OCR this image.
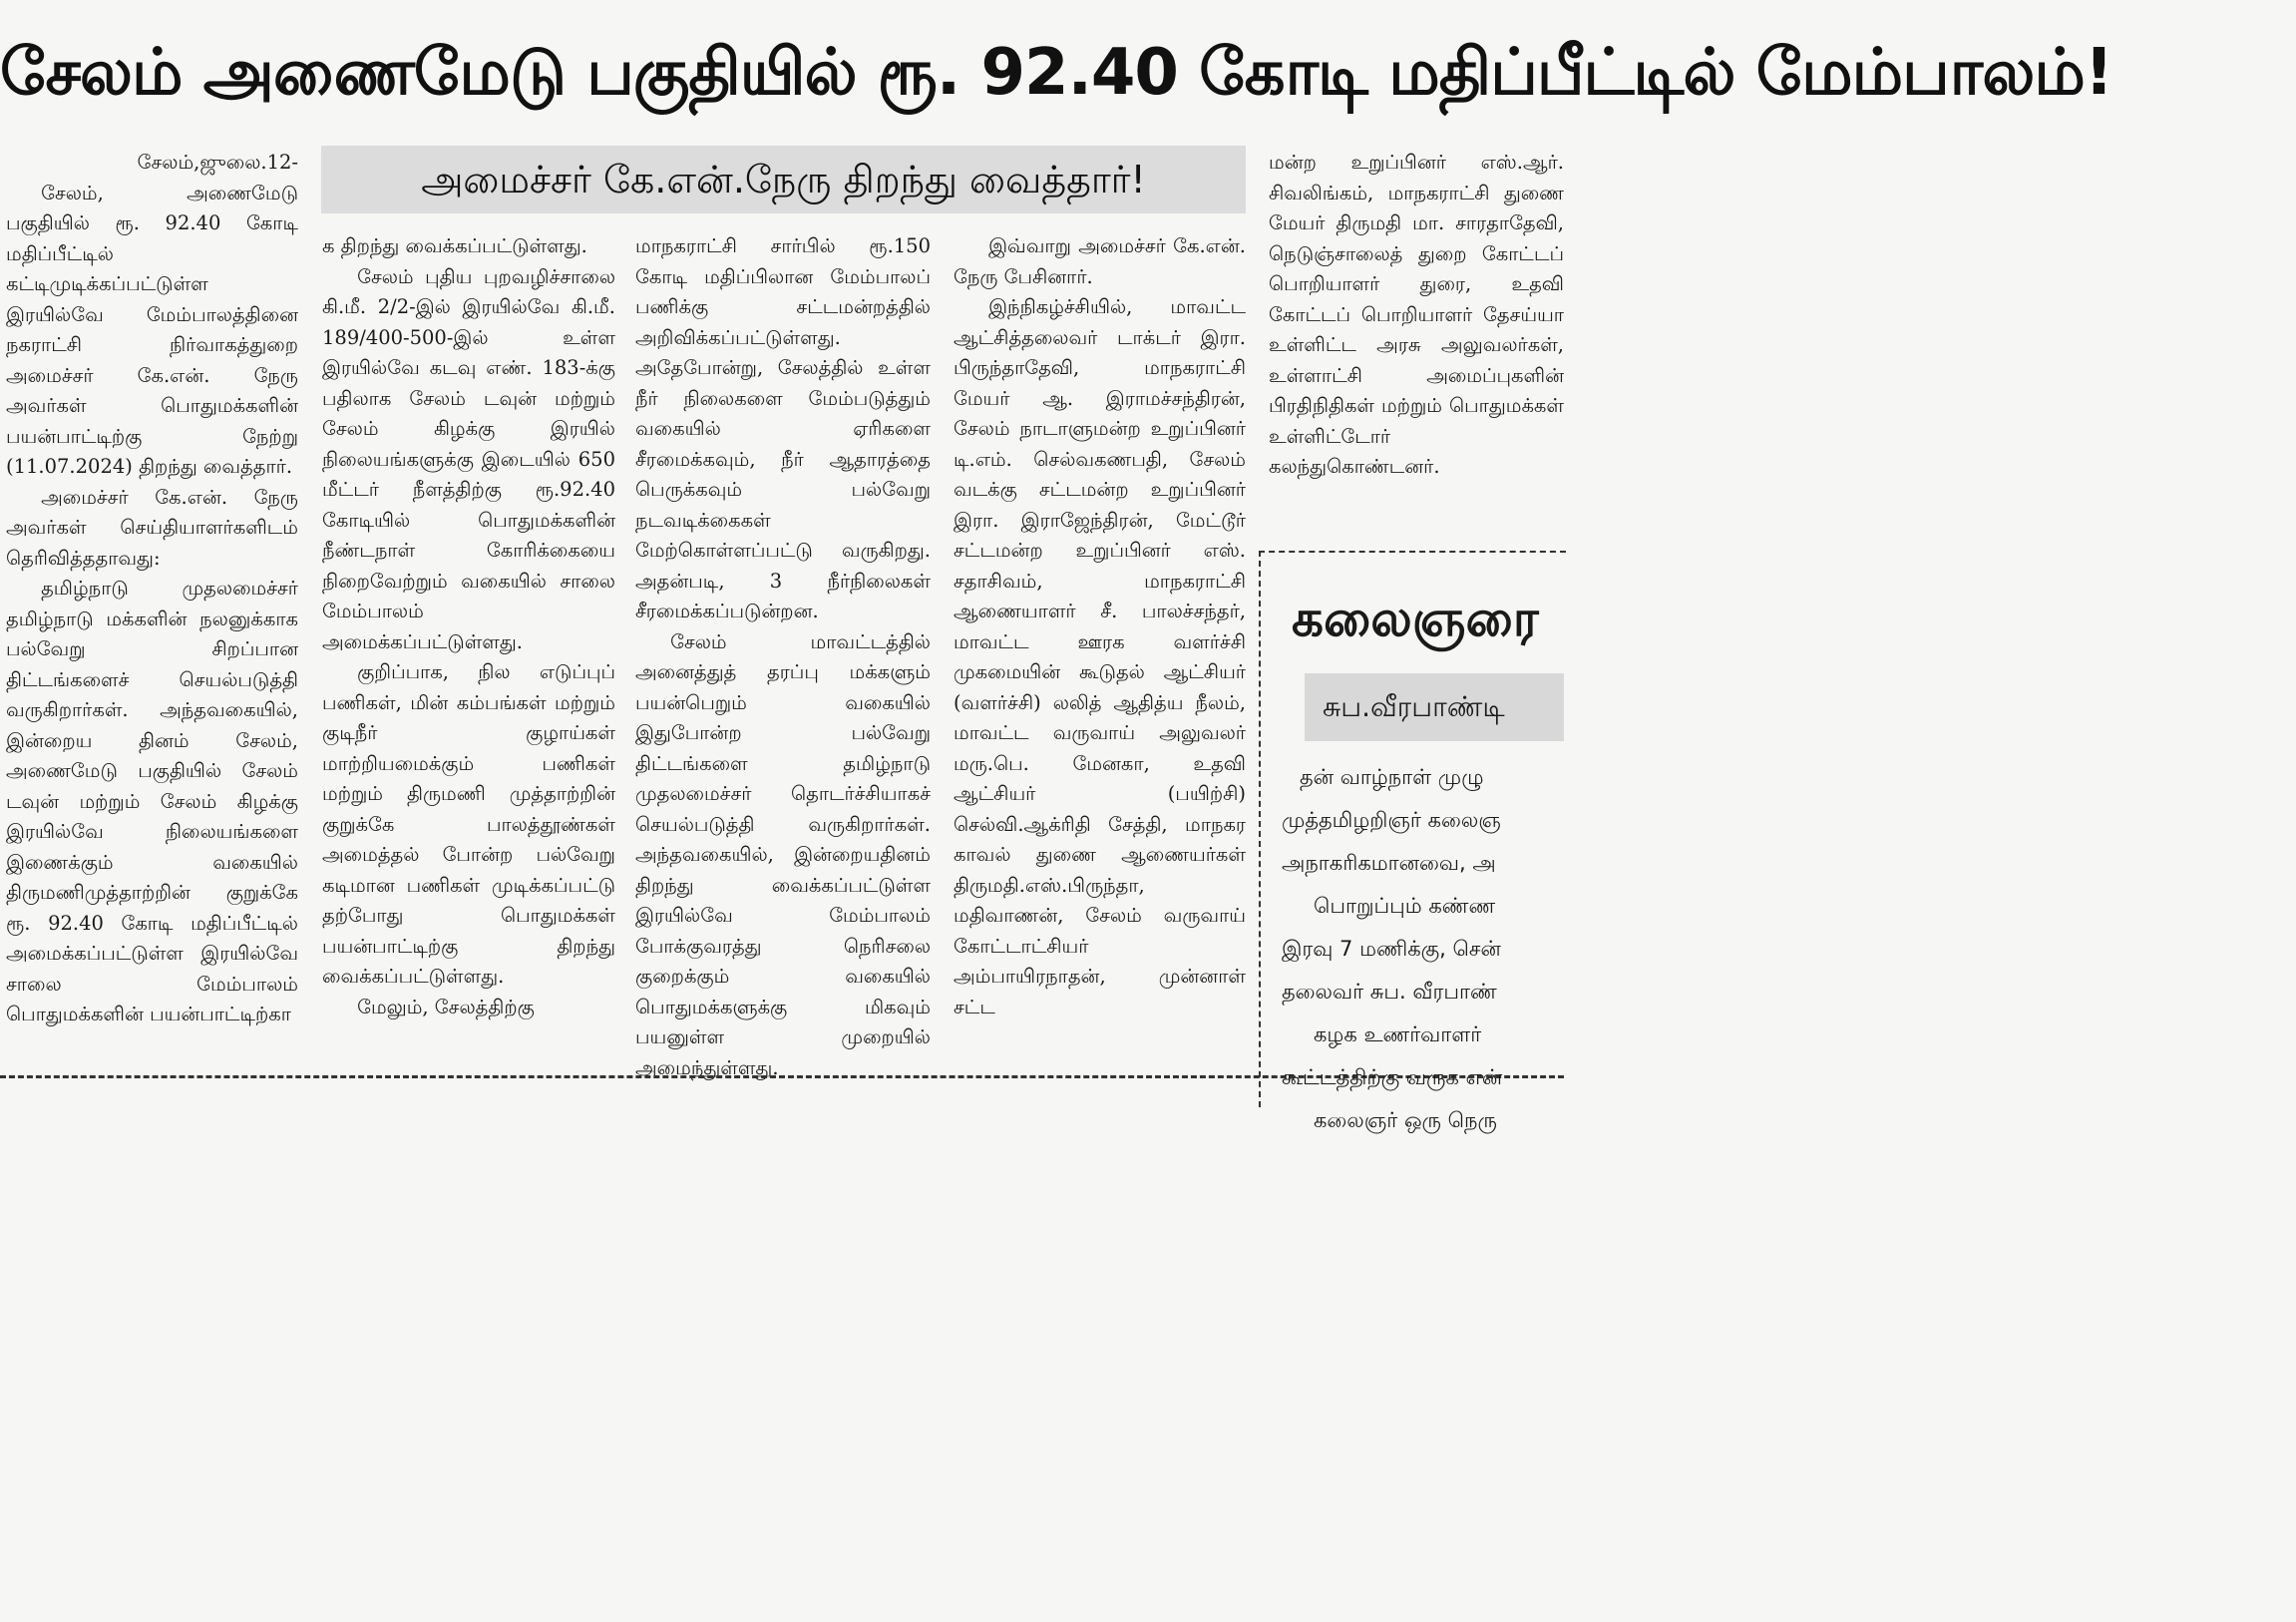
சேலம் அணைமேடு பகுதியில் ரூ. 92.40 கோடி மதிப்பீட்டில் மேம்பாலம்!
அமைச்சர் கே.என்.நேரு திறந்து வைத்தார்!

சேலம்,ஜுலை.12-

சேலம், அணைமேடு பகுதியில் ரூ. 92.40 கோடி மதிப்பீட்டில் கட்டிமுடிக்கப்பட்டுள்ள இரயில்வே மேம்பாலத்தினை நகராட்சி நிர்வாகத்துறை அமைச்சர் கே.என். நேரு அவர்கள் பொதுமக்களின் பயன்பாட்டிற்கு நேற்று (11.07.2024) திறந்து வைத்தார்.

அமைச்சர் கே.என். நேரு அவர்கள் செய்தியாளர்களிடம் தெரிவித்ததாவது:

தமிழ்நாடு முதலமைச்சர் தமிழ்நாடு மக்களின் நலனுக்காக பல்வேறு சிறப்பான திட்டங்களைச் செயல்படுத்தி வருகிறார்கள். அந்தவகையில், இன்றைய தினம் சேலம், அணைமேடு பகுதியில் சேலம் டவுன் மற்றும் சேலம் கிழக்கு இரயில்வே நிலையங்களை இணைக்கும் வகையில் திருமணிமுத்தாற்றின் குறுக்கே ரூ. 92.40 கோடி மதிப்பீட்டில் அமைக்கப்பட்டுள்ள இரயில்வே சாலை மேம்பாலம் பொதுமக்களின் பயன்பாட்டிற்கா

க திறந்து வைக்கப்பட்டுள்ளது.

சேலம் புதிய புறவழிச்சாலை கி.மீ. 2/2-இல் இரயில்வே கி.மீ. 189/400-500-இல் உள்ள இரயில்வே கடவு எண். 183-க்கு பதிலாக சேலம் டவுன் மற்றும் சேலம் கிழக்கு இரயில் நிலையங்களுக்கு இடையில் 650 மீட்டர் நீளத்திற்கு ரூ.92.40 கோடியில் பொதுமக்களின் நீண்டநாள் கோரிக்கையை நிறைவேற்றும் வகையில் சாலை மேம்பாலம் அமைக்கப்பட்டுள்ளது.

குறிப்பாக, நில எடுப்புப் பணிகள், மின் கம்பங்கள் மற்றும் குடிநீர் குழாய்கள் மாற்றியமைக்கும் பணிகள் மற்றும் திருமணி முத்தாற்றின் குறுக்கே பாலத்தூண்கள் அமைத்தல் போன்ற பல்வேறு கடிமான பணிகள் முடிக்கப்பட்டு தற்போது பொதுமக்கள் பயன்பாட்டிற்கு திறந்து வைக்கப்பட்டுள்ளது.

மேலும், சேலத்திற்கு

மாநகராட்சி சார்பில் ரூ.150 கோடி மதிப்பிலான மேம்பாலப் பணிக்கு சட்டமன்றத்தில் அறிவிக்கப்பட்டுள்ளது. அதேபோன்று, சேலத்தில் உள்ள நீர் நிலைகளை மேம்படுத்தும் வகையில் ஏரிகளை சீரமைக்கவும், நீர் ஆதாரத்தை பெருக்கவும் பல்வேறு நடவடிக்கைகள் மேற்கொள்ளப்பட்டு வருகிறது. அதன்படி, 3 நீர்நிலைகள் சீரமைக்கப்படுன்றன.

சேலம் மாவட்டத்தில் அனைத்துத் தரப்பு மக்களும் பயன்பெறும் வகையில் இதுபோன்ற பல்வேறு திட்டங்களை தமிழ்நாடு முதலமைச்சர் தொடர்ச்சியாகச் செயல்படுத்தி வருகிறார்கள். அந்தவகையில், இன்றையதினம் திறந்து வைக்கப்பட்டுள்ள இரயில்வே மேம்பாலம் போக்குவரத்து நெரிசலை குறைக்கும் வகையில் பொதுமக்களுக்கு மிகவும் பயனுள்ள முறையில் அமைந்துள்ளது.

இவ்வாறு அமைச்சர் கே.என். நேரு பேசினார்.

இந்நிகழ்ச்சியில், மாவட்ட ஆட்சித்தலைவர் டாக்டர் இரா. பிருந்தாதேவி, மாநகராட்சி மேயர் ஆ. இராமச்சந்திரன், சேலம் நாடாளுமன்ற உறுப்பினர் டி.எம். செல்வகணபதி, சேலம் வடக்கு சட்டமன்ற உறுப்பினர் இரா. இராஜேந்திரன், மேட்டூர் சட்டமன்ற உறுப்பினர் எஸ். சதாசிவம், மாநகராட்சி ஆணையாளர் சீ. பாலச்சந்தர், மாவட்ட ஊரக வளர்ச்சி முகமையின் கூடுதல் ஆட்சியர் (வளர்ச்சி) லலித் ஆதித்ய நீலம், மாவட்ட வருவாய் அலுவலர் மரு.பெ. மேனகா, உதவி ஆட்சியர் (பயிற்சி) செல்வி.ஆக்ரிதி சேத்தி, மாநகர காவல் துணை ஆணையர்கள் திருமதி.எஸ்.பிருந்தா, மதிவாணன், சேலம் வருவாய் கோட்டாட்சியர் அம்பாயிரநாதன், முன்னாள் சட்ட

மன்ற உறுப்பினர் எஸ்.ஆர். சிவலிங்கம், மாநகராட்சி துணை மேயர் திருமதி மா. சாரதாதேவி, நெடுஞ்சாலைத் துறை கோட்டப் பொறியாளர் துரை, உதவி கோட்டப் பொறியாளர் தேசய்யா உள்ளிட்ட அரசு அலுவலர்கள், உள்ளாட்சி அமைப்புகளின் பிரதிநிதிகள் மற்றும் பொதுமக்கள் உள்ளிட்டோர் கலந்துகொண்டனர்.

கலைஞரை
சுப.வீரபாண்டி
தன் வாழ்நாள் முழு
முத்தமிழறிஞர் கலைஞ
அநாகரிகமானவை, அ
பொறுப்பும் கண்ண
இரவு 7 மணிக்கு, சென்
தலைவர் சுப. வீரபாண்
கழக உணர்வாளர்
கூட்டத்திற்கு வருக என்
கலைஞர் ஒரு நெரு
